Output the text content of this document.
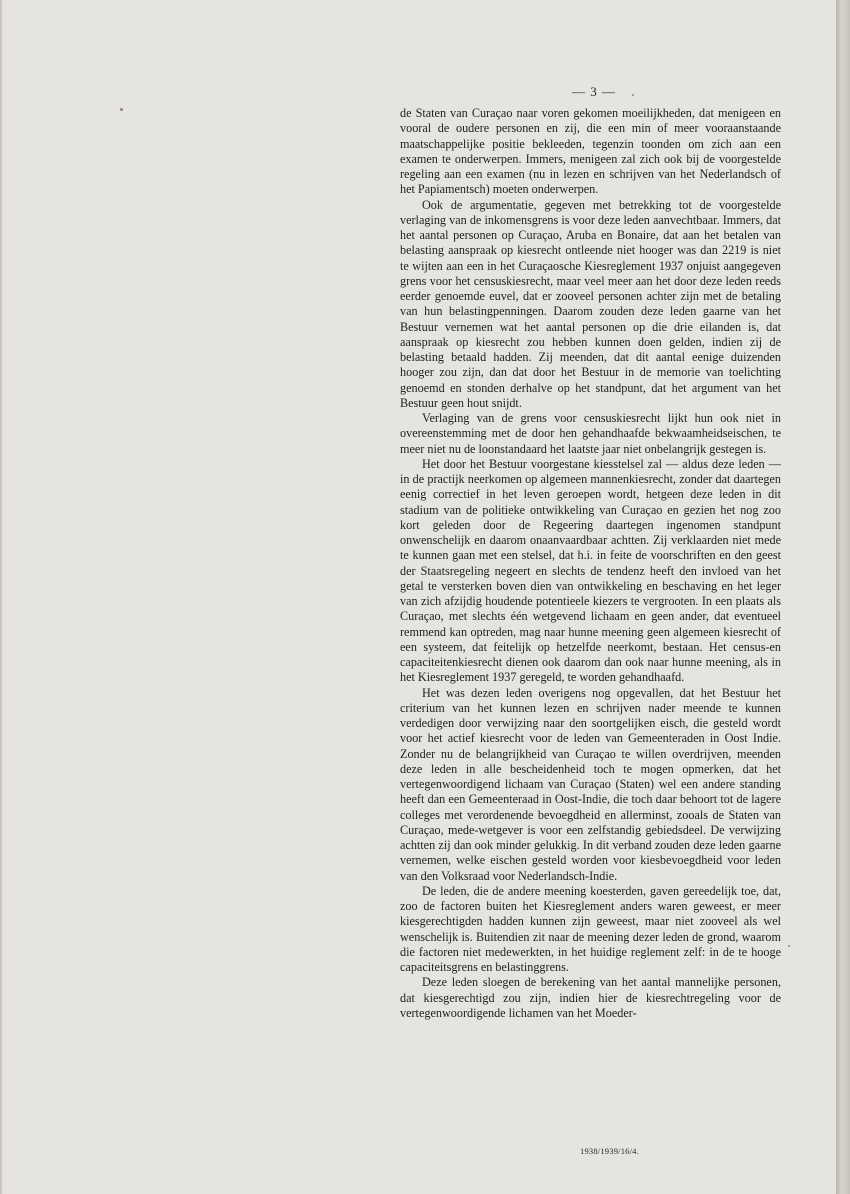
— 3 —

de Staten van Curaçao naar voren gekomen moeilijkheden, dat menigeen en vooral de oudere personen en zij, die een min of meer vooraanstaande maatschappelijke positie bekleeden, tegenzin toonden om zich aan een examen te onderwerpen. Immers, menigeen zal zich ook bij de voorgestelde regeling aan een examen (nu in lezen en schrijven van het Nederlandsch of het Papiamentsch) moeten onderwerpen.

Ook de argumentatie, gegeven met betrekking tot de voorgestelde verlaging van de inkomensgrens is voor deze leden aanvechtbaar. Immers, dat het aantal personen op Curaçao, Aruba en Bonaire, dat aan het betalen van belasting aanspraak op kiesrecht ontleende niet hooger was dan 2219 is niet te wijten aan een in het Curaçaosche Kiesreglement 1937 onjuist aangegeven grens voor het censuskiesrecht, maar veel meer aan het door deze leden reeds eerder genoemde euvel, dat er zooveel personen achter zijn met de betaling van hun belastingpenningen. Daarom zouden deze leden gaarne van het Bestuur vernemen wat het aantal personen op die drie eilanden is, dat aanspraak op kiesrecht zou hebben kunnen doen gelden, indien zij de belasting betaald hadden. Zij meenden, dat dit aantal eenige duizenden hooger zou zijn, dan dat door het Bestuur in de memorie van toelichting genoemd en stonden derhalve op het standpunt, dat het argument van het Bestuur geen hout snijdt.

Verlaging van de grens voor censuskiesrecht lijkt hun ook niet in overeenstemming met de door hen gehandhaafde bekwaamheidseischen, te meer niet nu de loonstandaard het laatste jaar niet onbelangrijk gestegen is.

Het door het Bestuur voorgestane kiesstelsel zal — aldus deze leden — in de practijk neerkomen op algemeen mannenkiesrecht, zonder dat daartegen eenig correctief in het leven geroepen wordt, hetgeen deze leden in dit stadium van de politieke ontwikkeling van Curaçao en gezien het nog zoo kort geleden door de Regeering daartegen ingenomen standpunt onwenschelijk en daarom onaanvaardbaar achtten. Zij verklaarden niet mede te kunnen gaan met een stelsel, dat h.i. in feite de voorschriften en den geest der Staatsregeling negeert en slechts de tendenz heeft den invloed van het getal te versterken boven dien van ontwikkeling en beschaving en het leger van zich afzijdig houdende potentieele kiezers te vergrooten. In een plaats als Curaçao, met slechts één wetgevend lichaam en geen ander, dat eventueel remmend kan optreden, mag naar hunne meening geen algemeen kiesrecht of een systeem, dat feitelijk op hetzelfde neerkomt, bestaan. Het census-en capaciteitenkiesrecht dienen ook daarom dan ook naar hunne meening, als in het Kiesreglement 1937 geregeld, te worden gehandhaafd.

Het was dezen leden overigens nog opgevallen, dat het Bestuur het criterium van het kunnen lezen en schrijven nader meende te kunnen verdedigen door verwijzing naar den soortgelijken eisch, die gesteld wordt voor het actief kiesrecht voor de leden van Gemeenteraden in Oost Indie. Zonder nu de belangrijkheid van Curaçao te willen overdrijven, meenden deze leden in alle bescheidenheid toch te mogen opmerken, dat het vertegenwoordigend lichaam van Curaçao (Staten) wel een andere standing heeft dan een Gemeenteraad in Oost-Indie, die toch daar behoort tot de lagere colleges met verordenende bevoegdheid en allerminst, zooals de Staten van Curaçao, mede-wetgever is voor een zelfstandig gebiedsdeel. De verwijzing achtten zij dan ook minder gelukkig. In dit verband zouden deze leden gaarne vernemen, welke eischen gesteld worden voor kiesbevoegdheid voor leden van den Volksraad voor Nederlandsch-Indie.

De leden, die de andere meening koesterden, gaven gereedelijk toe, dat, zoo de factoren buiten het Kiesreglement anders waren geweest, er meer kiesgerechtigden hadden kunnen zijn geweest, maar niet zooveel als wel wenschelijk is. Buitendien zit naar de meening dezer leden de grond, waarom die factoren niet medewerkten, in het huidige reglement zelf: in de te hooge capaciteitsgrens en belastinggrens.

Deze leden sloegen de berekening van het aantal mannelijke personen, dat kiesgerechtigd zou zijn, indien hier de kiesrechtregeling voor de vertegenwoordigende lichamen van het Moeder-

1938/1939/16/4.
